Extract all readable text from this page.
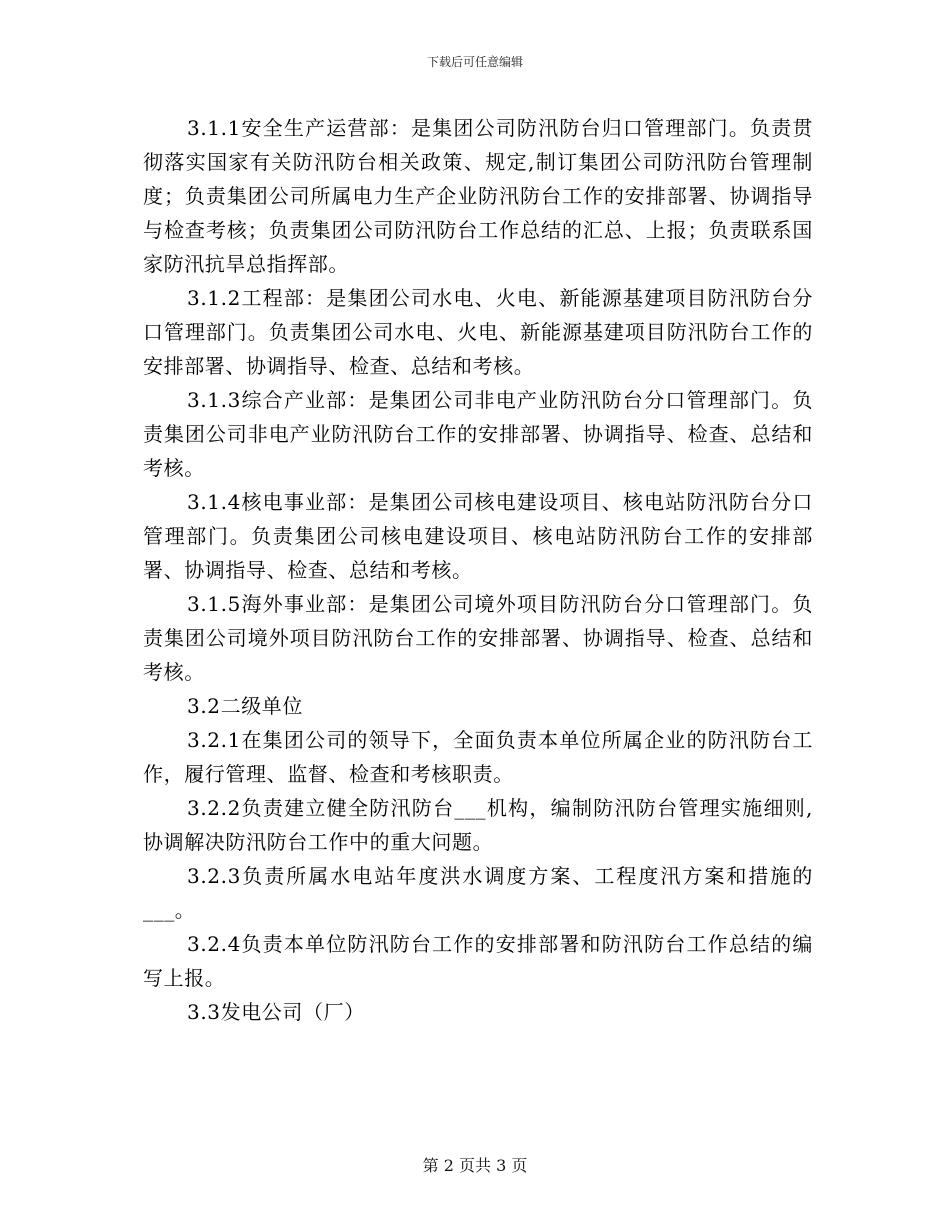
下载后可任意编辑

3.1.1安全生产运营部：是集团公司防汛防台归口管理部门。负责贯彻落实国家有关防汛防台相关政策、规定,制订集团公司防汛防台管理制度；负责集团公司所属电力生产企业防汛防台工作的安排部署、协调指导与检查考核；负责集团公司防汛防台工作总结的汇总、上报；负责联系国家防汛抗旱总指挥部。

3.1.2工程部：是集团公司水电、火电、新能源基建项目防汛防台分口管理部门。负责集团公司水电、火电、新能源基建项目防汛防台工作的安排部署、协调指导、检查、总结和考核。

3.1.3综合产业部：是集团公司非电产业防汛防台分口管理部门。负责集团公司非电产业防汛防台工作的安排部署、协调指导、检查、总结和考核。

3.1.4核电事业部：是集团公司核电建设项目、核电站防汛防台分口管理部门。负责集团公司核电建设项目、核电站防汛防台工作的安排部署、协调指导、检查、总结和考核。

3.1.5海外事业部：是集团公司境外项目防汛防台分口管理部门。负责集团公司境外项目防汛防台工作的安排部署、协调指导、检查、总结和考核。

3.2二级单位

3.2.1在集团公司的领导下，全面负责本单位所属企业的防汛防台工作，履行管理、监督、检查和考核职责。

3.2.2负责建立健全防汛防台___机构，编制防汛防台管理实施细则,协调解决防汛防台工作中的重大问题。

3.2.3负责所属水电站年度洪水调度方案、工程度汛方案和措施的___。

3.2.4负责本单位防汛防台工作的安排部署和防汛防台工作总结的编写上报。

3.3发电公司（厂）

第 2 页共 3 页
